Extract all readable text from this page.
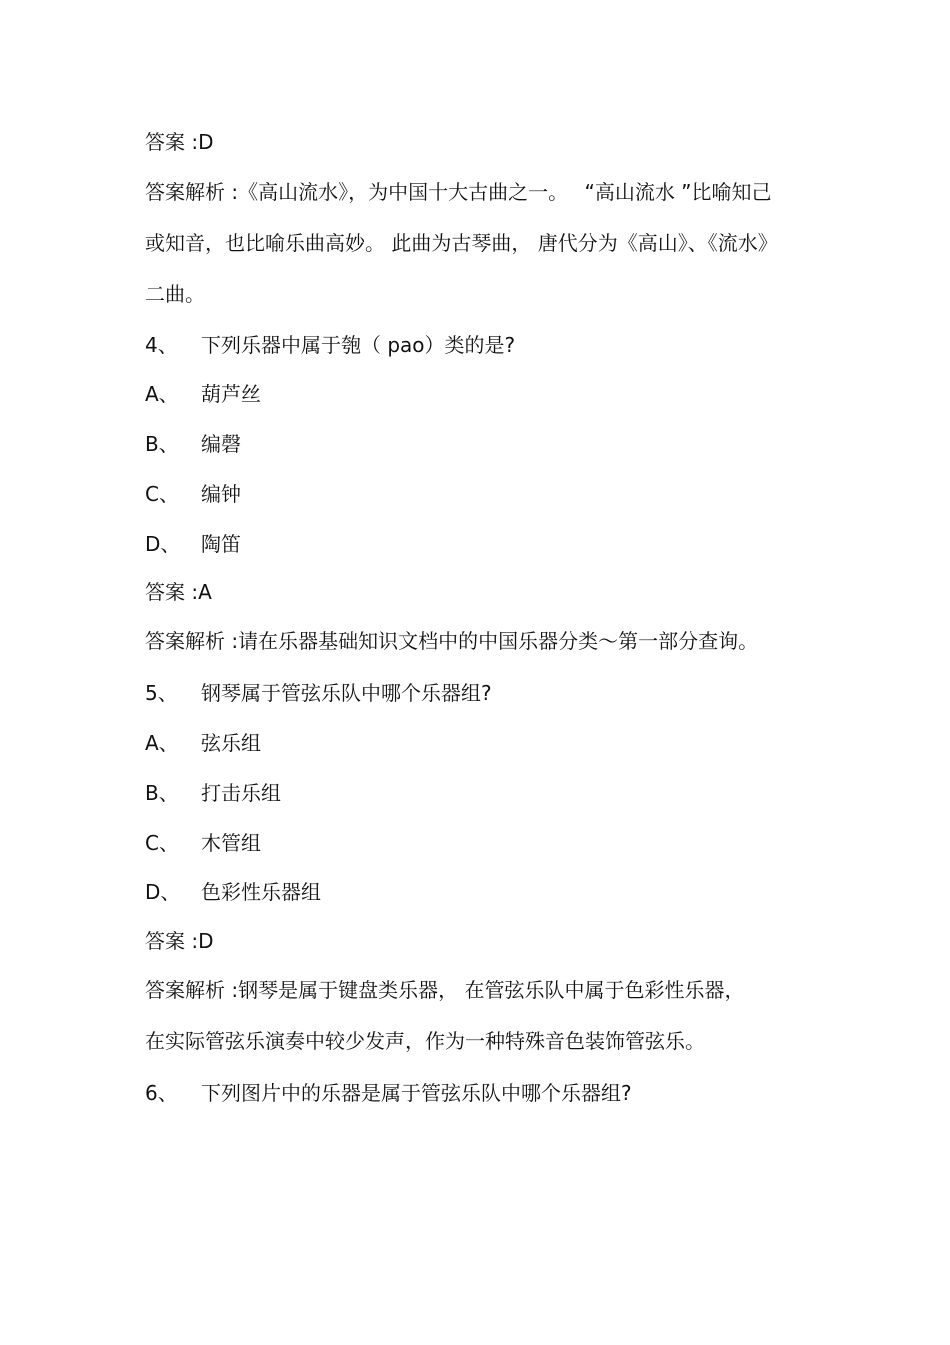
答案 :D
答案解析 :《高山流水》，为中国十大古曲之一。　 “高山流水 ”比喻知己
或知音，也比喻乐曲高妙。 此曲为古琴曲， 唐代分为《高山》、《流水》
二曲。
4、 下列乐器中属于匏（ pao）类的是?
A、 葫芦丝
B、 编磬
C、 编钟
D、 陶笛
答案 :A
答案解析 :请在乐器基础知识文档中的中国乐器分类～第一部分查询。
5、 钢琴属于管弦乐队中哪个乐器组?
A、 弦乐组
B、 打击乐组
C、 木管组
D、 色彩性乐器组
答案 :D
答案解析 :钢琴是属于键盘类乐器， 在管弦乐队中属于色彩性乐器，
在实际管弦乐演奏中较少发声，作为一种特殊音色装饰管弦乐。
6、 下列图片中的乐器是属于管弦乐队中哪个乐器组?
